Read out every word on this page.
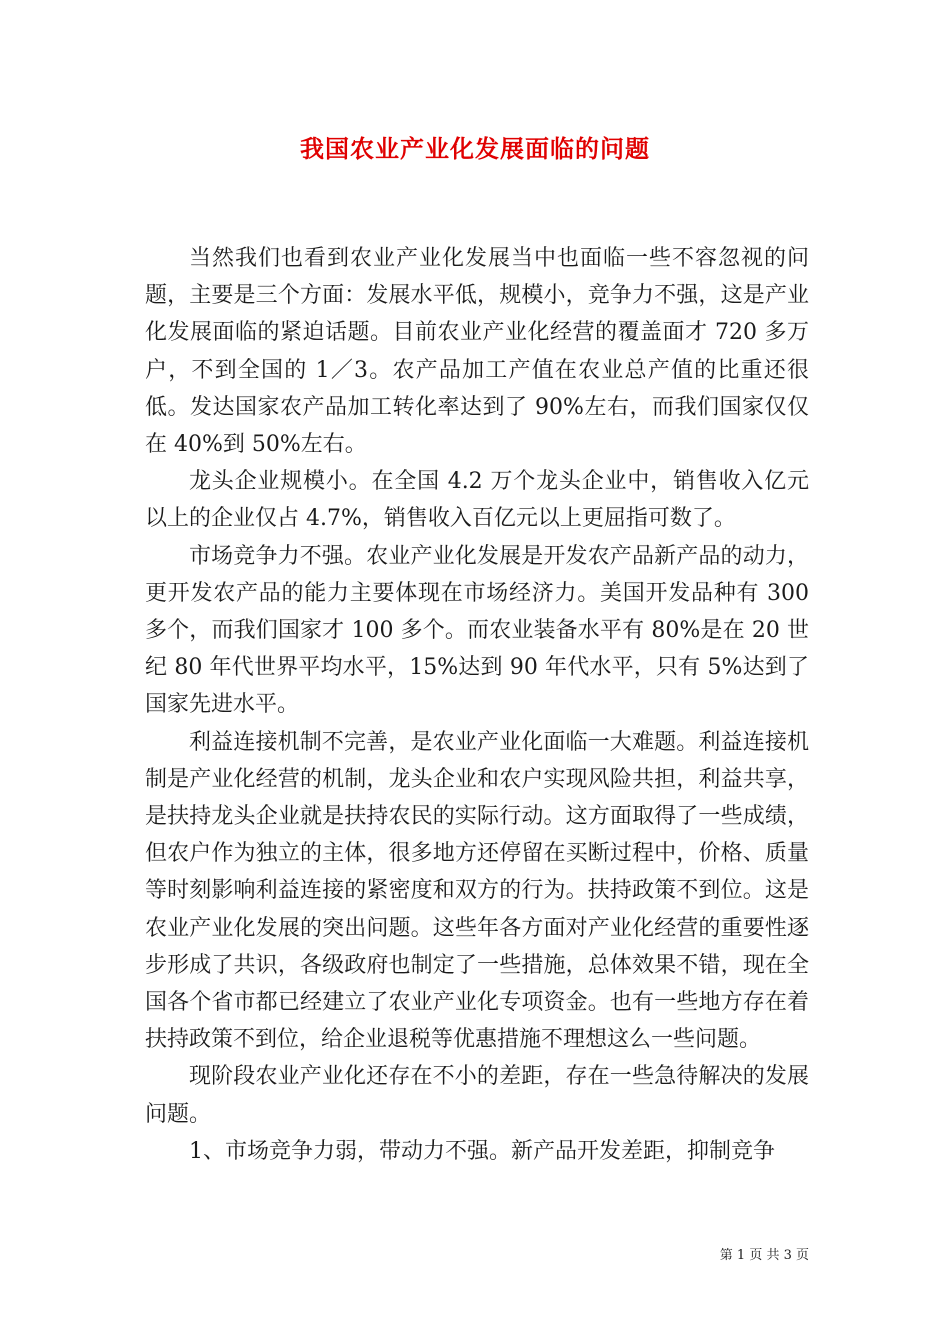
我国农业产业化发展面临的问题

当然我们也看到农业产业化发展当中也面临一些不容忽视的问题，主要是三个方面：发展水平低，规模小，竞争力不强，这是产业化发展面临的紧迫话题。目前农业产业化经营的覆盖面才 720 多万户，不到全国的 1／3。农产品加工产值在农业总产值的比重还很低。发达国家农产品加工转化率达到了 90%左右，而我们国家仅仅在 40%到 50%左右。

龙头企业规模小。在全国 4.2 万个龙头企业中，销售收入亿元以上的企业仅占 4.7%，销售收入百亿元以上更屈指可数了。

市场竞争力不强。农业产业化发展是开发农产品新产品的动力，更开发农产品的能力主要体现在市场经济力。美国开发品种有 300 多个，而我们国家才 100 多个。而农业装备水平有 80%是在 20 世纪 80 年代世界平均水平，15%达到 90 年代水平，只有 5%达到了国家先进水平。

利益连接机制不完善，是农业产业化面临一大难题。利益连接机制是产业化经营的机制，龙头企业和农户实现风险共担，利益共享，是扶持龙头企业就是扶持农民的实际行动。这方面取得了一些成绩，但农户作为独立的主体，很多地方还停留在买断过程中，价格、质量等时刻影响利益连接的紧密度和双方的行为。扶持政策不到位。这是农业产业化发展的突出问题。这些年各方面对产业化经营的重要性逐步形成了共识，各级政府也制定了一些措施，总体效果不错，现在全国各个省市都已经建立了农业产业化专项资金。也有一些地方存在着扶持政策不到位，给企业退税等优惠措施不理想这么一些问题。

现阶段农业产业化还存在不小的差距，存在一些急待解决的发展问题。

1、市场竞争力弱，带动力不强。新产品开发差距，抑制竞争

第 1 页 共 3 页
